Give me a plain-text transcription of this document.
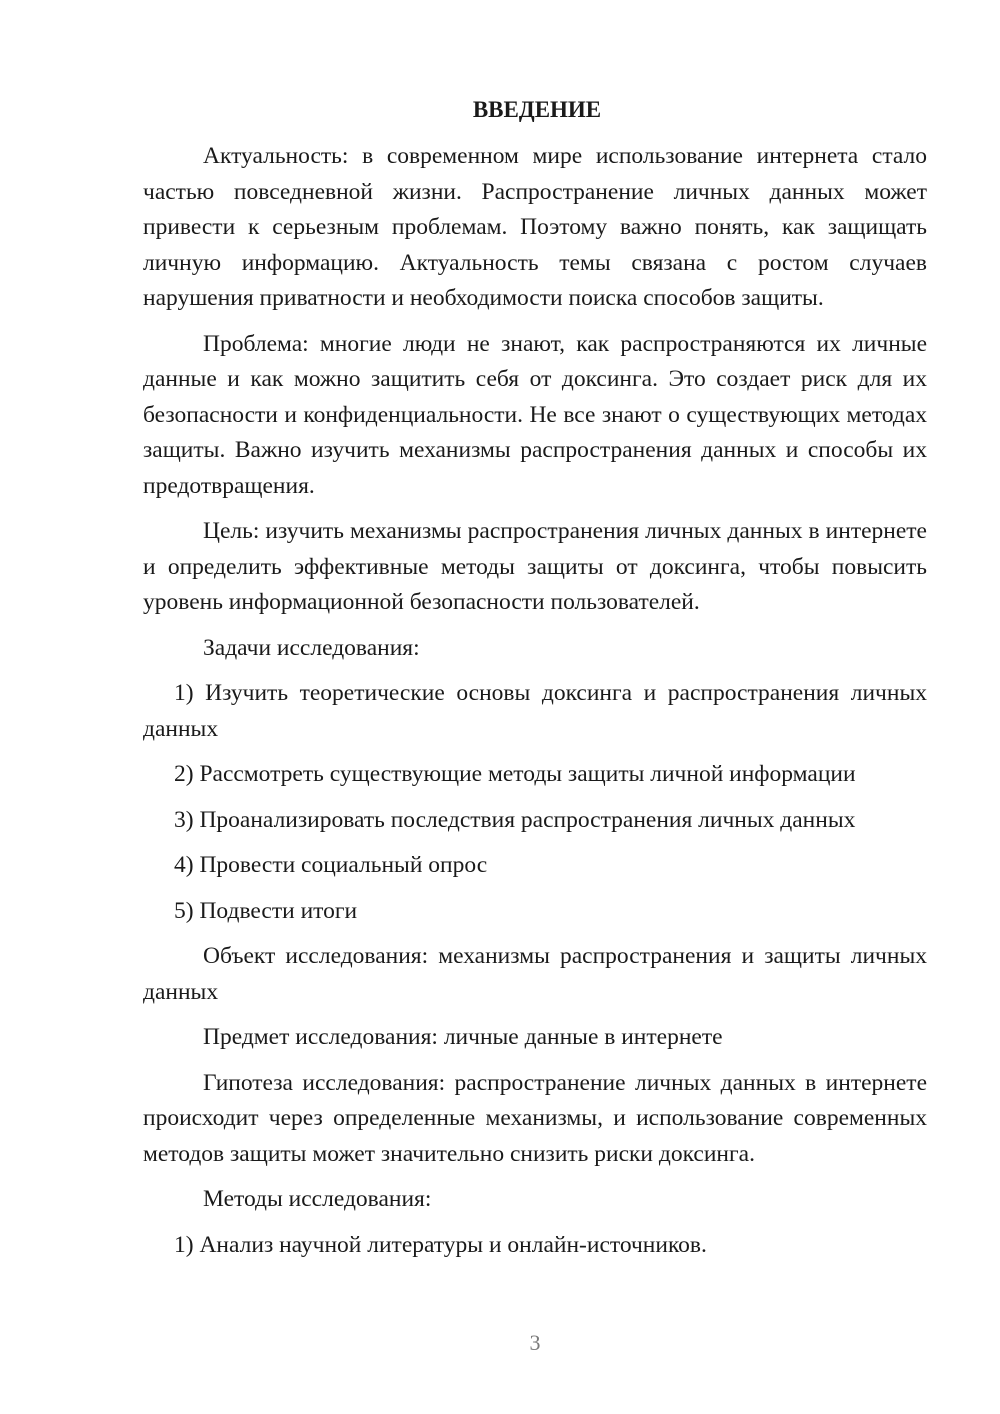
ВВЕДЕНИЕ

Актуальность: в современном мире использование интернета стало частью повседневной жизни. Распространение личных данных может привести к серьезным проблемам. Поэтому важно понять, как защищать личную информацию. Актуальность темы связана с ростом случаев нарушения приватности и необходимости поиска способов защиты.

Проблема: многие люди не знают, как распространяются их личные данные и как можно защитить себя от доксинга. Это создает риск для их безопасности и конфиденциальности. Не все знают о существующих методах защиты. Важно изучить механизмы распространения данных и способы их предотвращения.

Цель: изучить механизмы распространения личных данных в интернете и определить эффективные методы защиты от доксинга, чтобы повысить уровень информационной безопасности пользователей.

Задачи исследования:

1) Изучить теоретические основы доксинга и распространения личных данных
2) Рассмотреть существующие методы защиты личной информации
3) Проанализировать последствия распространения личных данных
4) Провести социальный опрос
5) Подвести итоги

Объект исследования: механизмы распространения и защиты личных данных

Предмет исследования: личные данные в интернете

Гипотеза исследования: распространение личных данных в интернете происходит через определенные механизмы, и использование современных методов защиты может значительно снизить риски доксинга.

Методы исследования:

1) Анализ научной литературы и онлайн-источников.
3
